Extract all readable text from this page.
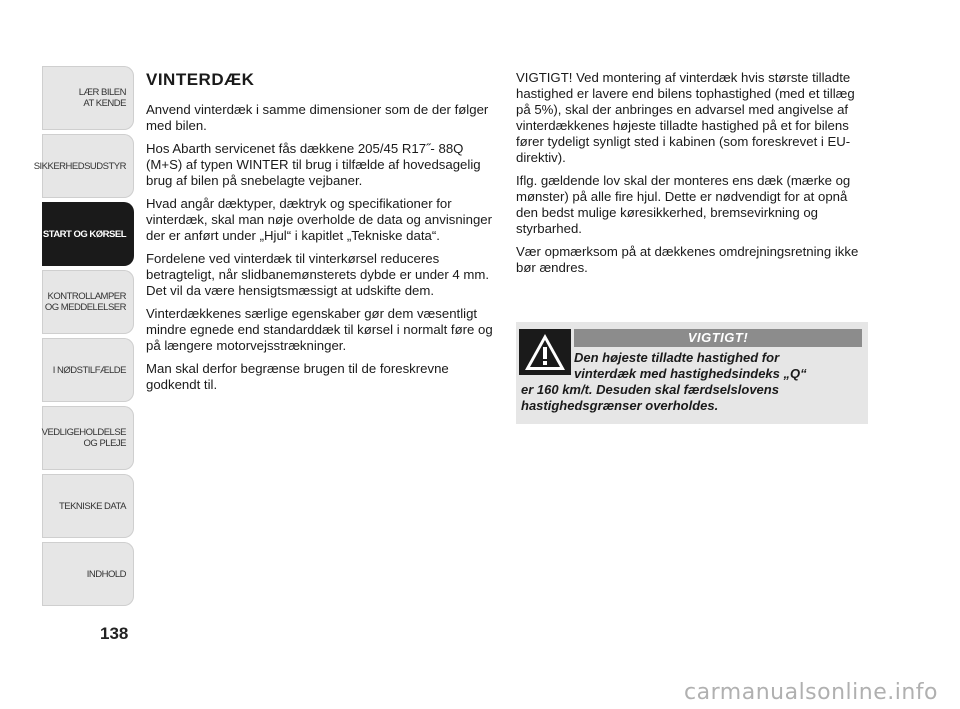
LÆR BILEN
AT KENDE
SIKKERHEDSUDSTYR
START OG KØRSEL
KONTROLLAMPER
OG MEDDELELSER
I NØDSTILFÆLDE
VEDLIGEHOLDELSE
OG PLEJE
TEKNISKE DATA
INDHOLD
138
VINTERDÆK

Anvend vinterdæk i samme dimensioner som de der følger med bilen.

Hos Abarth servicenet fås dækkene 205/45 R17˝- 88Q (M+S) af typen WINTER til brug i tilfælde af hovedsagelig brug af bilen på snebelagte vejbaner.

Hvad angår dæktyper, dæktryk og specifikationer for vinterdæk, skal man nøje overholde de data og anvisninger der er anført under „Hjul“ i kapitlet „Tekniske data“.

Fordelene ved vinterdæk til vinterkørsel reduceres betragteligt, når slidbanemønsterets dybde er under 4 mm. Det vil da være hensigtsmæssigt at udskifte dem.

Vinterdækkenes særlige egenskaber gør dem væsentligt mindre egnede end standarddæk til kørsel i normalt føre og på længere motorvejsstrækninger.

Man skal derfor begrænse brugen til de foreskrevne godkendt til.

VIGTIGT! Ved montering af vinterdæk hvis største tilladte hastighed er lavere end bilens tophastighed (med et tillæg på 5%), skal der anbringes en advarsel med angivelse af vinterdækkenes højeste tilladte hastighed på et for bilens fører tydeligt synligt sted i kabinen (som foreskrevet i EU-direktiv).

Iflg. gældende lov skal der monteres ens dæk (mærke og mønster) på alle fire hjul. Dette er nødvendigt for at opnå den bedst mulige køresikkerhed, bremsevirkning og styrbarhed.

Vær opmærksom på at dækkenes omdrejningsretning ikke bør ændres.

VIGTIGT!
Den højeste tilladte hastighed for
vinterdæk med hastighedsindeks „Q“
er 160 km/t. Desuden skal færdselslovens hastighedsgrænser overholdes.
carmanualsonline.info
